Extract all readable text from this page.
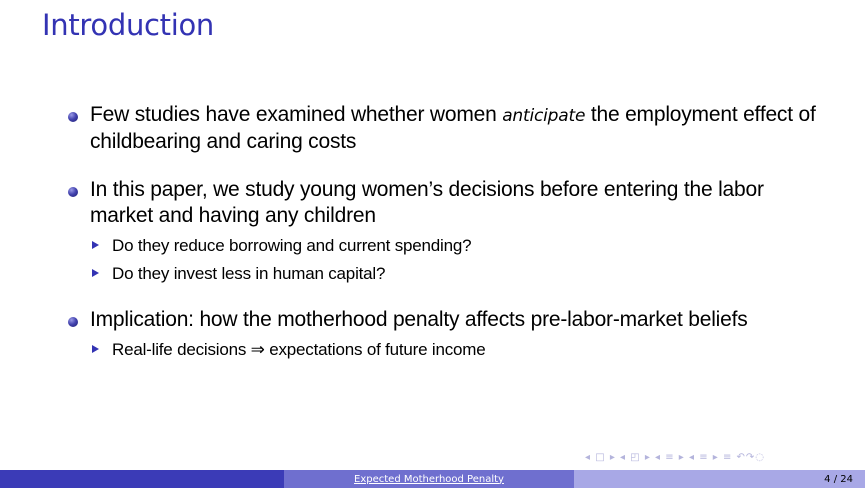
Introduction
Few studies have examined whether women anticipate the employment effect of childbearing and caring costs
In this paper, we study young women’s decisions before entering the labor market and having any children
Do they reduce borrowing and current spending?
Do they invest less in human capital?
Implication: how the motherhood penalty affects pre-labor-market beliefs
Real-life decisions ⇒ expectations of future income
◂ □ ▸ ◂ ◰ ▸ ◂ ≡ ▸ ◂ ≡ ▸ ≡ ↶↷◌
Expected Motherhood Penalty	4 / 24
